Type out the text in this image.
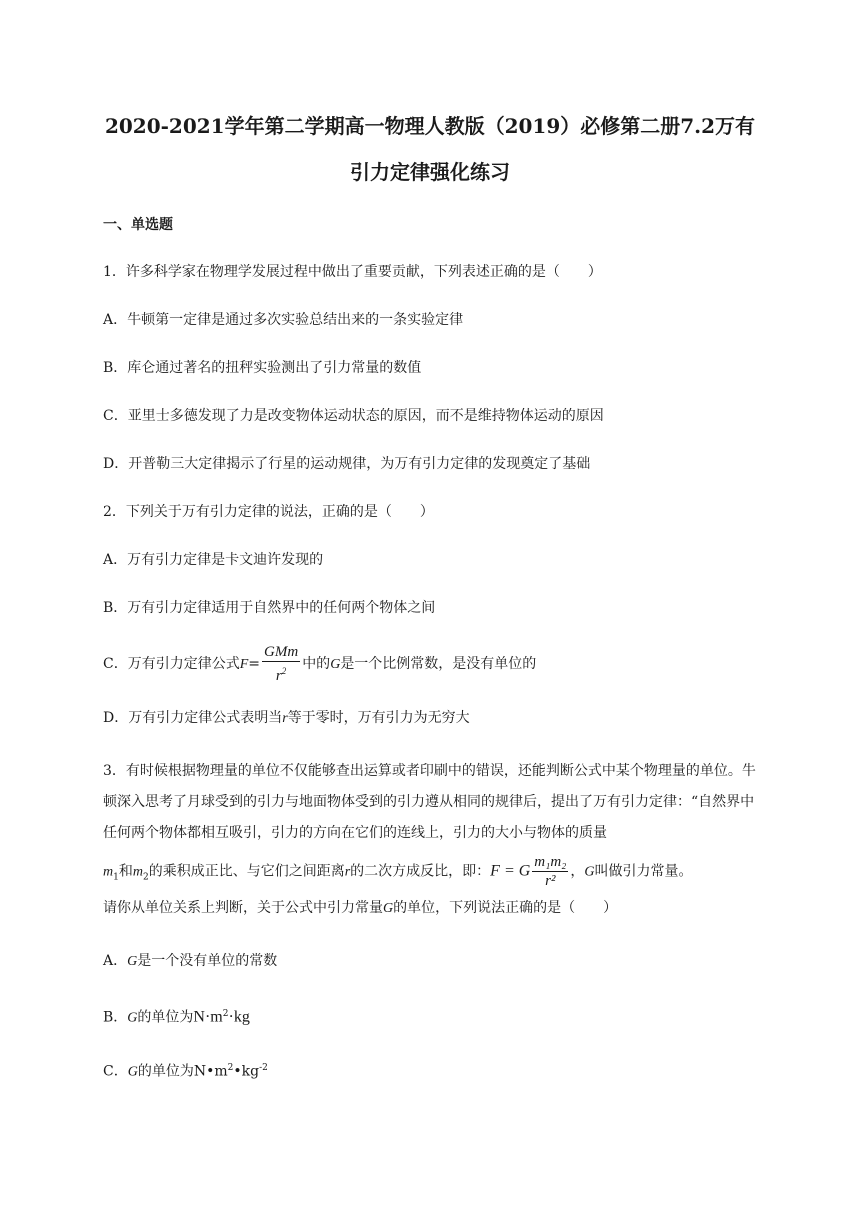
2020-2021学年第二学期高一物理人教版（2019）必修第二册7.2万有
引力定律强化练习
一、单选题
1．许多科学家在物理学发展过程中做出了重要贡献，下列表述正确的是（　　）
A．牛顿第一定律是通过多次实验总结出来的一条实验定律
B．库仑通过著名的扭秤实验测出了引力常量的数值
C．亚里士多德发现了力是改变物体运动状态的原因，而不是维持物体运动的原因
D．开普勒三大定律揭示了行星的运动规律，为万有引力定律的发现奠定了基础
2．下列关于万有引力定律的说法，正确的是（　　）
A．万有引力定律是卡文迪许发现的
B．万有引力定律适用于自然界中的任何两个物体之间
C．万有引力定律公式$F= \frac{\text{GMm}}{r^2}$ 中的G是一个比例常数，是没有单位的
D．万有引力定律公式表明当r等于零时，万有引力为无穷大
3．有时候根据物理量的单位不仅能够查出运算或者印刷中的错误，还能判断公式中某个物理量的单位。牛顿深入思考了月球受到的引力与地面物体受到的引力遵从相同的规律后，提出了万有引力定律：“自然界中任何两个物体都相互吸引，引力的方向在它们的连线上，引力的大小与物体的质量
$m_1$和$m_2$的乘积成正比、与它们之间距离r的二次方成反比，即：F = G $\frac{\text{m₁m₂}}{\text{r²}}$ ，G叫做引力常量。
请你从单位关系上判断，关于公式中引力常量G的单位，下列说法正确的是（　　）
A．G是一个没有单位的常数
B．G的单位为$N\cdot m^2\cdot kg$
C．G的单位为$N•m^2•kg^{-2}$
